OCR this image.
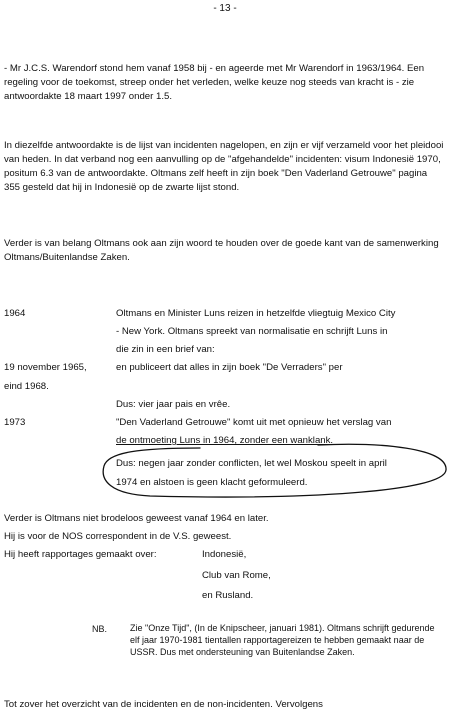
- 13 -

- Mr J.C.S. Warendorf stond hem vanaf 1958 bij - en ageerde met Mr Warendorf in 1963/1964. Een regeling voor de toekomst, streep onder het verleden, welke keuze nog steeds van kracht is - zie antwoordakte 18 maart 1997 onder 1.5.

In diezelfde antwoordakte is de lijst van incidenten nagelopen, en zijn er vijf verzameld voor het pleidooi van heden. In dat verband nog een aanvulling op de "afgehandelde" incidenten: visum Indonesië 1970, positum 6.3 van de antwoordakte. Oltmans zelf heeft in zijn boek "Den Vaderland Getrouwe" pagina 355 gesteld dat hij in Indonesië op de zwarte lijst stond.

Verder is van belang Oltmans ook aan zijn woord te houden over de goede kant van de samenwerking Oltmans/Buitenlandse Zaken.

1964	Oltmans en Minister Luns reizen in hetzelfde vliegtuig Mexico City
- New York. Oltmans spreekt van normalisatie en schrijft Luns in
die zin in een brief van:
19 november 1965,	en publiceert dat alles in zijn boek "De Verraders" per
eind 1968.
Dus: vier jaar pais en vrêe.
1973	"Den Vaderland Getrouwe" komt uit met opnieuw het verslag van
de ontmoeting Luns in 1964, zonder een wanklank.
Dus: negen jaar zonder conflicten, let wel Moskou speelt in april
1974 en alstoen is geen klacht geformuleerd.
Verder is Oltmans niet brodeloos geweest vanaf 1964 en later.
Hij is voor de NOS correspondent in de V.S. geweest.
Hij heeft rapportages gemaakt over:	Indonesië,
Club van Rome,
en Rusland.
NB.	Zie "Onze Tijd", (In de Knipscheer, januari 1981). Oltmans schrijft gedurende elf jaar 1970-1981 tientallen rapportagereizen te hebben gemaakt naar de USSR. Dus met ondersteuning van Buitenlandse Zaken.

Tot zover het overzicht van de incidenten en de non-incidenten. Vervolgens
